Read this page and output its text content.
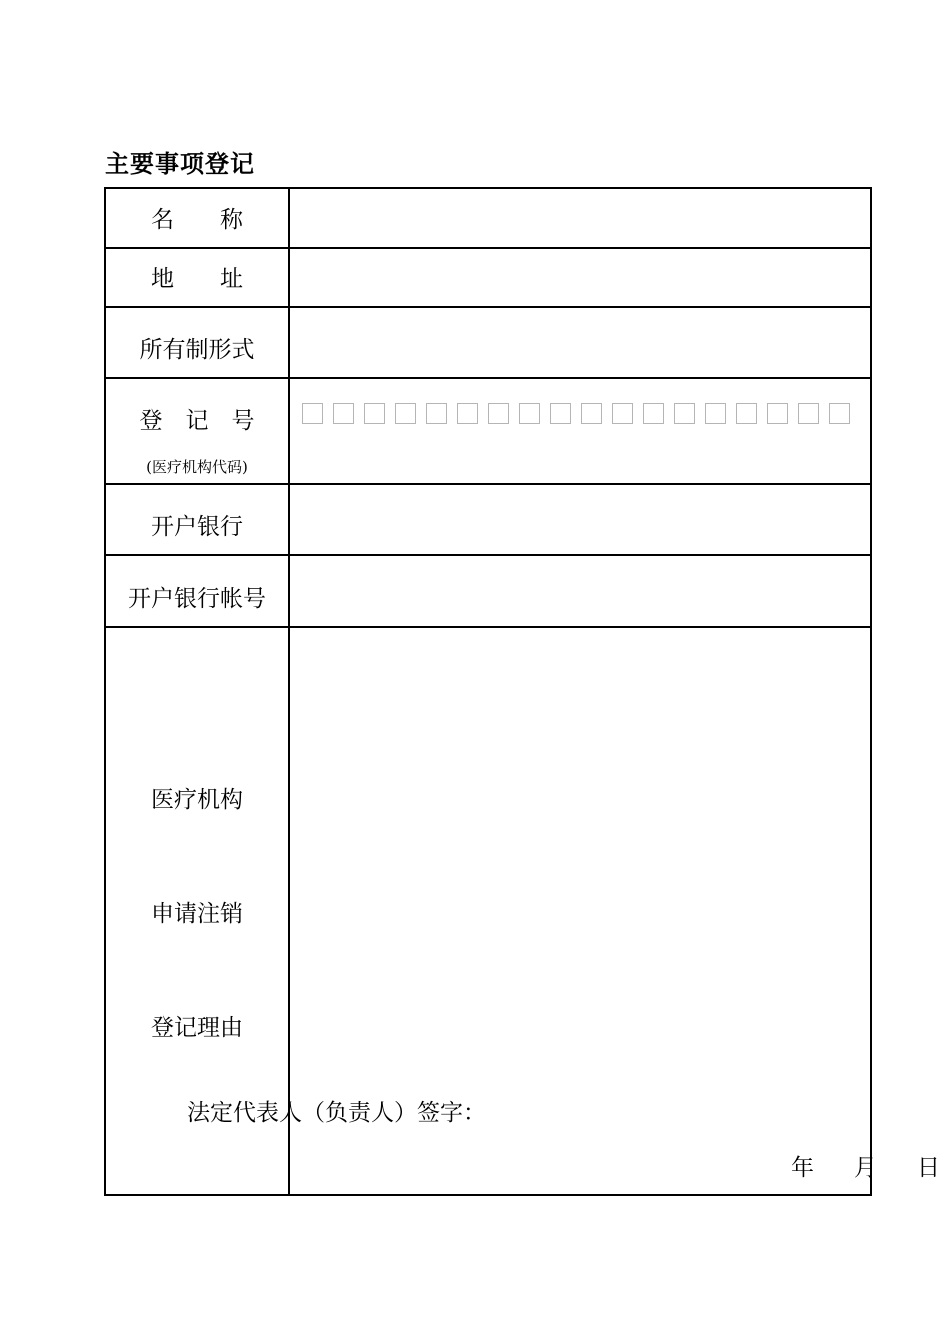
主要事项登记
名　　称
地　　址
所有制形式
登　记　号
(医疗机构代码)
开户银行
开户银行帐号
医疗机构
申请注销
登记理由
法定代表人（负责人）签字：
年 月 日
